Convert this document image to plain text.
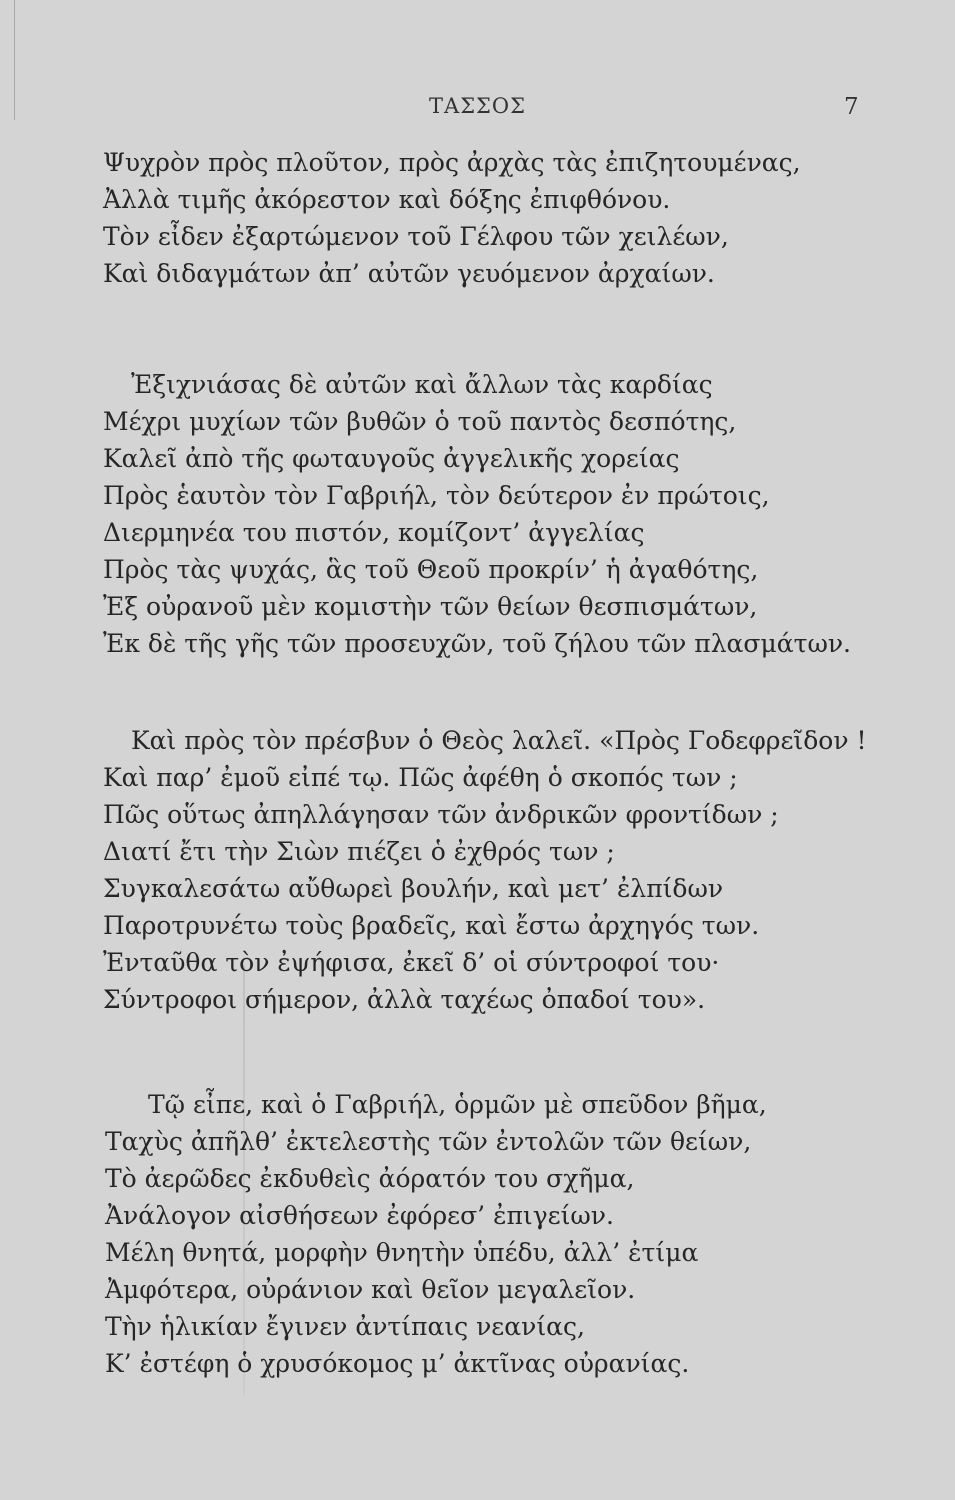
ΤΑΣΣΟΣ	7
Ψυχρὸν πρὸς πλοῦτον, πρὸς ἀρχὰς τὰς ἐπιζητουμένας,
Ἀλλὰ τιμῆς ἀκόρεστον καὶ δόξης ἐπιφθόνου.
Τὸν εἶδεν ἐξαρτώμενον τοῦ Γέλφου τῶν χειλέων,
Καὶ διδαγμάτων ἀπ’ αὐτῶν γευόμενον ἀρχαίων.
Ἐξιχνιάσας δὲ αὐτῶν καὶ ἄλλων τὰς καρδίας
Μέχρι μυχίων τῶν βυθῶν ὁ τοῦ παντὸς δεσπότης,
Καλεῖ ἀπὸ τῆς φωταυγοῦς ἀγγελικῆς χορείας
Πρὸς ἑαυτὸν τὸν Γαβριήλ, τὸν δεύτερον ἐν πρώτοις,
Διερμηνέα του πιστόν, κομίζοντ’ ἀγγελίας
Πρὸς τὰς ψυχάς, ἃς τοῦ Θεοῦ προκρίν’ ἡ ἀγαθότης,
Ἐξ οὐρανοῦ μὲν κομιστὴν τῶν θείων θεσπισμάτων,
Ἐκ δὲ τῆς γῆς τῶν προσευχῶν, τοῦ ζήλου τῶν πλασμάτων.
Καὶ πρὸς τὸν πρέσβυν ὁ Θεὸς λαλεῖ. «Πρὸς Γοδεφρεῖδον !
Καὶ παρ’ ἐμοῦ εἰπέ τῳ. Πῶς ἀφέθη ὁ σκοπός των ;
Πῶς οὕτως ἀπηλλάγησαν τῶν ἀνδρικῶν φροντίδων ;
Διατί ἔτι τὴν Σιὼν πιέζει ὁ ἐχθρός των ;
Συγκαλεσάτω αὔθωρεὶ βουλήν, καὶ μετ’ ἐλπίδων
Παροτρυνέτω τοὺς βραδεῖς, καὶ ἔστω ἀρχηγός των.
Ἐνταῦθα τὸν ἐψήφισα, ἐκεῖ δ’ οἱ σύντροφοί του·
Σύντροφοι σήμερον, ἀλλὰ ταχέως ὀπαδοί του».
Τῷ εἶπε, καὶ ὁ Γαβριήλ, ὁρμῶν μὲ σπεῦδον βῆμα,
Ταχὺς ἀπῆλθ’ ἐκτελεστὴς τῶν ἐντολῶν τῶν θείων,
Τὸ ἀερῶδες ἐκδυθεὶς ἀόρατόν του σχῆμα,
Ἀνάλογον αἰσθήσεων ἐφόρεσ’ ἐπιγείων.
Μέλη θνητά, μορφὴν θνητὴν ὑπέδυ, ἀλλ’ ἐτίμα
Ἀμφότερα, οὐράνιον καὶ θεῖον μεγαλεῖον.
Τὴν ἡλικίαν ἔγινεν ἀντίπαις νεανίας,
Κ’ ἐστέφη ὁ χρυσόκομος μ’ ἀκτῖνας οὐρανίας.
